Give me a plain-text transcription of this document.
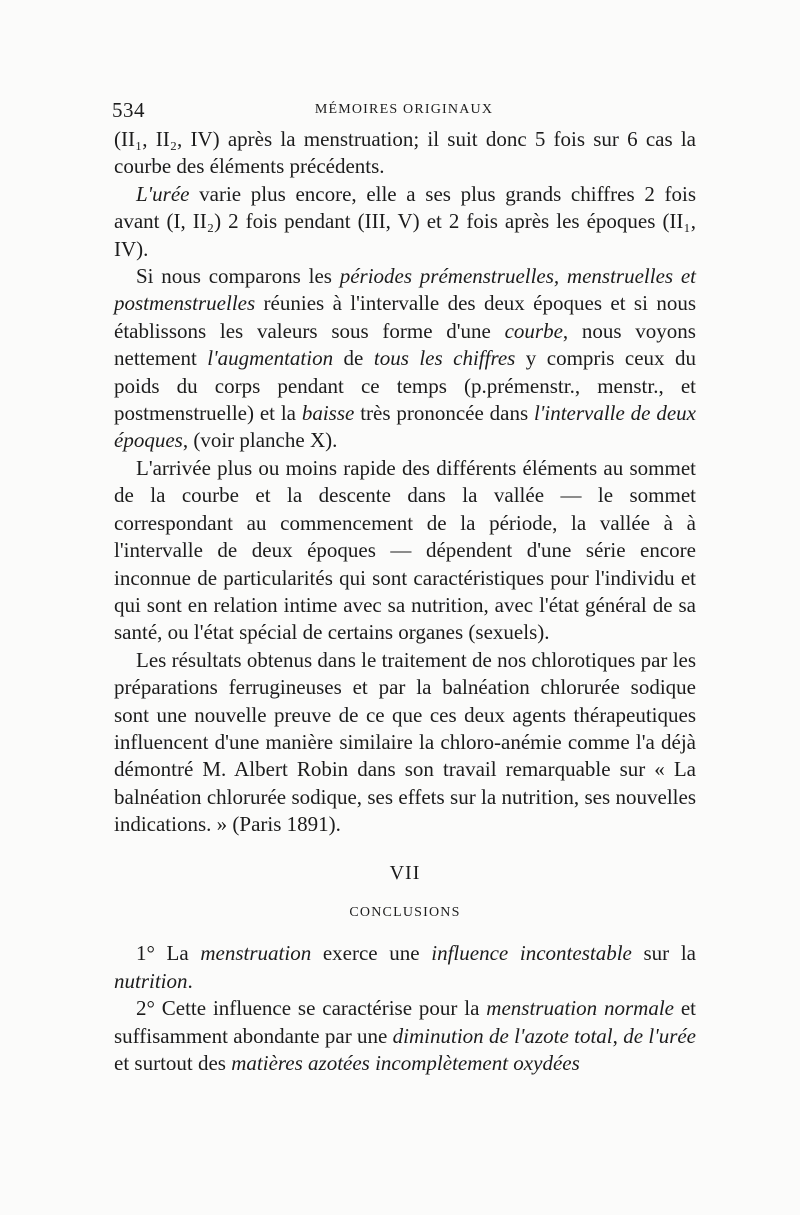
534	MÉMOIRES ORIGINAUX

(II₁, II₂, IV) après la menstruation; il suit donc 5 fois sur 6 cas la courbe des éléments précédents.

L'urée varie plus encore, elle a ses plus grands chiffres 2 fois avant (I, II₂) 2 fois pendant (III, V) et 2 fois après les époques (II₁, IV).

Si nous comparons les périodes prémenstruelles, menstruelles et postmenstruelles réunies à l'intervalle des deux époques et si nous établissons les valeurs sous forme d'une courbe, nous voyons nettement l'augmentation de tous les chiffres y compris ceux du poids du corps pendant ce temps (p.prémenstr., menstr., et postmenstruelle) et la baisse très prononcée dans l'intervalle de deux époques, (voir planche X).

L'arrivée plus ou moins rapide des différents éléments au sommet de la courbe et la descente dans la vallée — le sommet correspondant au commencement de la période, la vallée à à l'intervalle de deux époques — dépendent d'une série encore inconnue de particularités qui sont caractéristiques pour l'individu et qui sont en relation intime avec sa nutrition, avec l'état général de sa santé, ou l'état spécial de certains organes (sexuels).

Les résultats obtenus dans le traitement de nos chlorotiques par les préparations ferrugineuses et par la balnéation chlorurée sodique sont une nouvelle preuve de ce que ces deux agents thérapeutiques influencent d'une manière similaire la chloro-anémie comme l'a déjà démontré M. Albert Robin dans son travail remarquable sur « La balnéation chlorurée sodique, ses effets sur la nutrition, ses nouvelles indications. » (Paris 1891).

VII
CONCLUSIONS

1° La menstruation exerce une influence incontestable sur la nutrition.

2° Cette influence se caractérise pour la menstruation normale et suffisamment abondante par une diminution de l'azote total, de l'urée et surtout des matières azotées incomplètement oxydées
